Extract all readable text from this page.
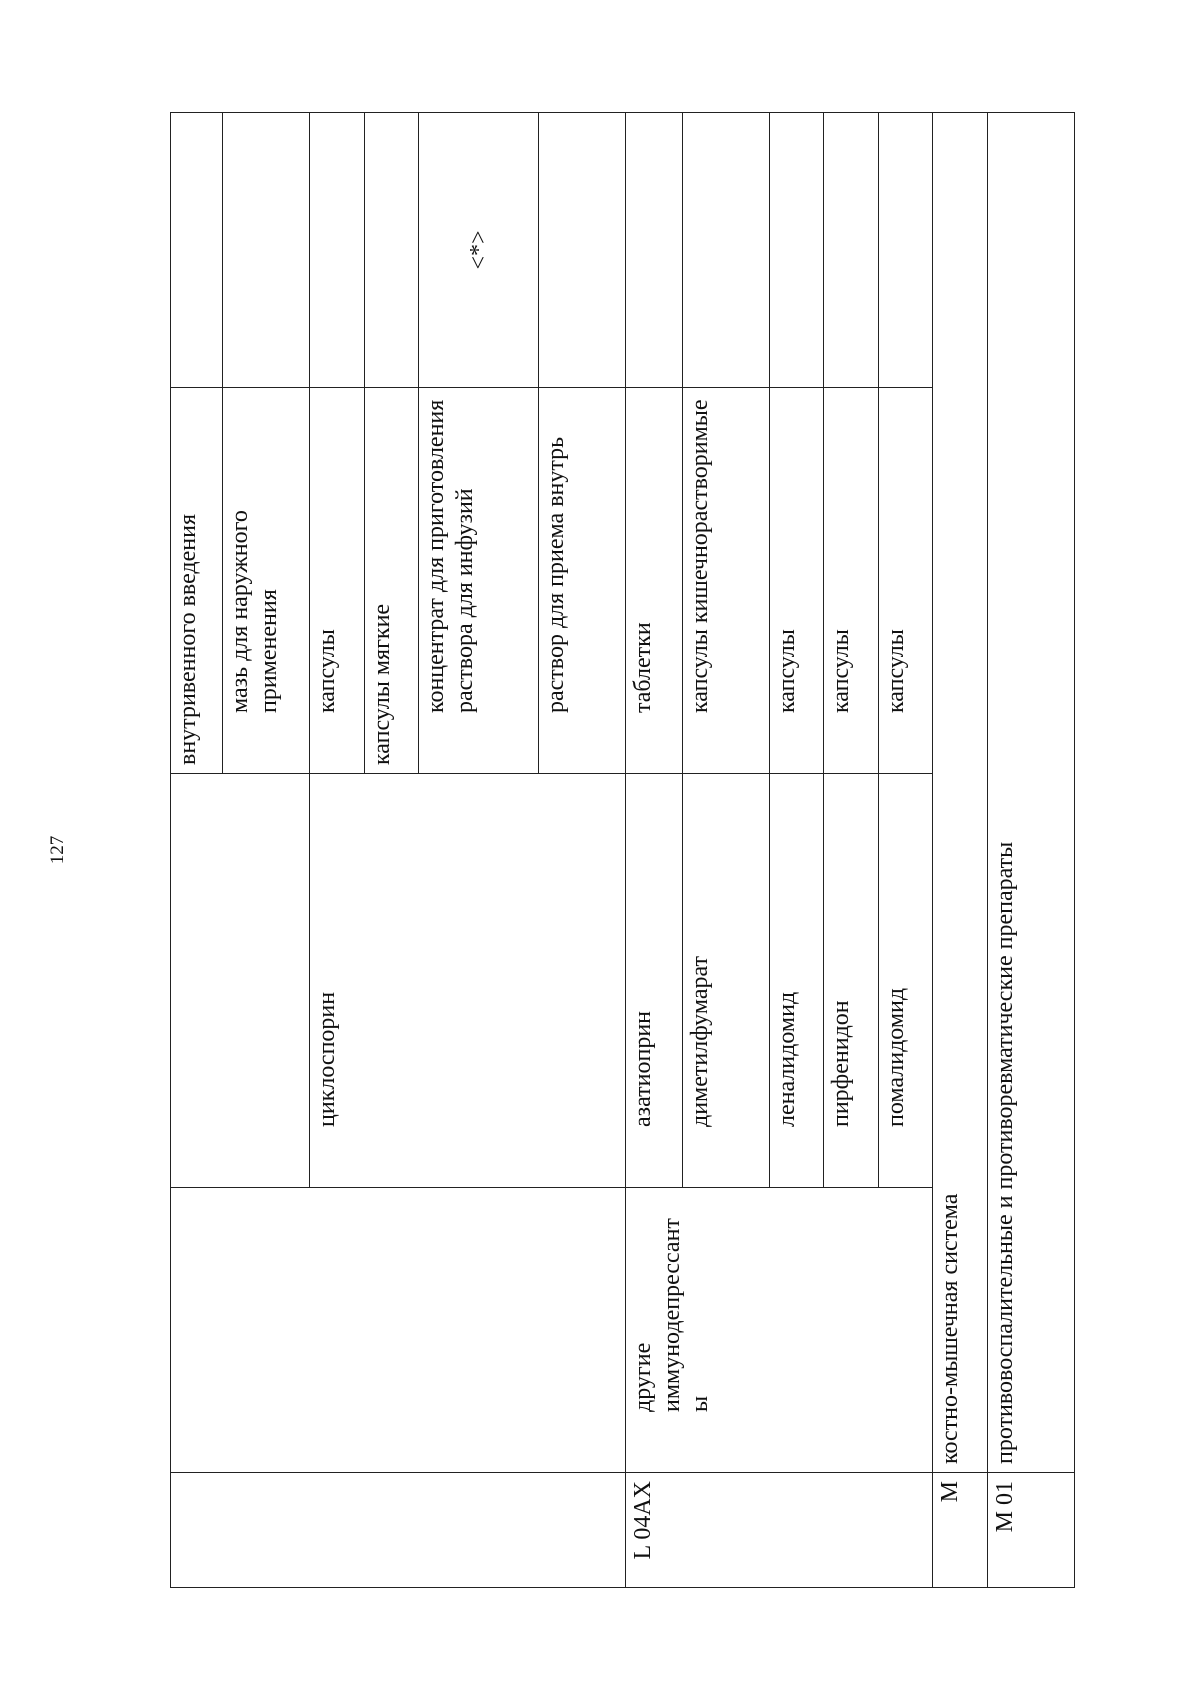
127
			внутривенного введения	
			мазь для наружного применения	
		циклоспорин	капсулы	
			капсулы мягкие	
			концентрат для приготовления раствора для инфузий	<*>
			раствор для приема внутрь	
L 04AX	другие иммунодепрессант ы	азатиоприн	таблетки	
		диметилфумарат	капсулы кишечнорастворимые	
		леналидомид	капсулы	
		пирфенидон	капсулы	
		помалидомид	капсулы	
M	костно-мышечная система			
M 01	противовоспалительные и противоревматические препараты			
